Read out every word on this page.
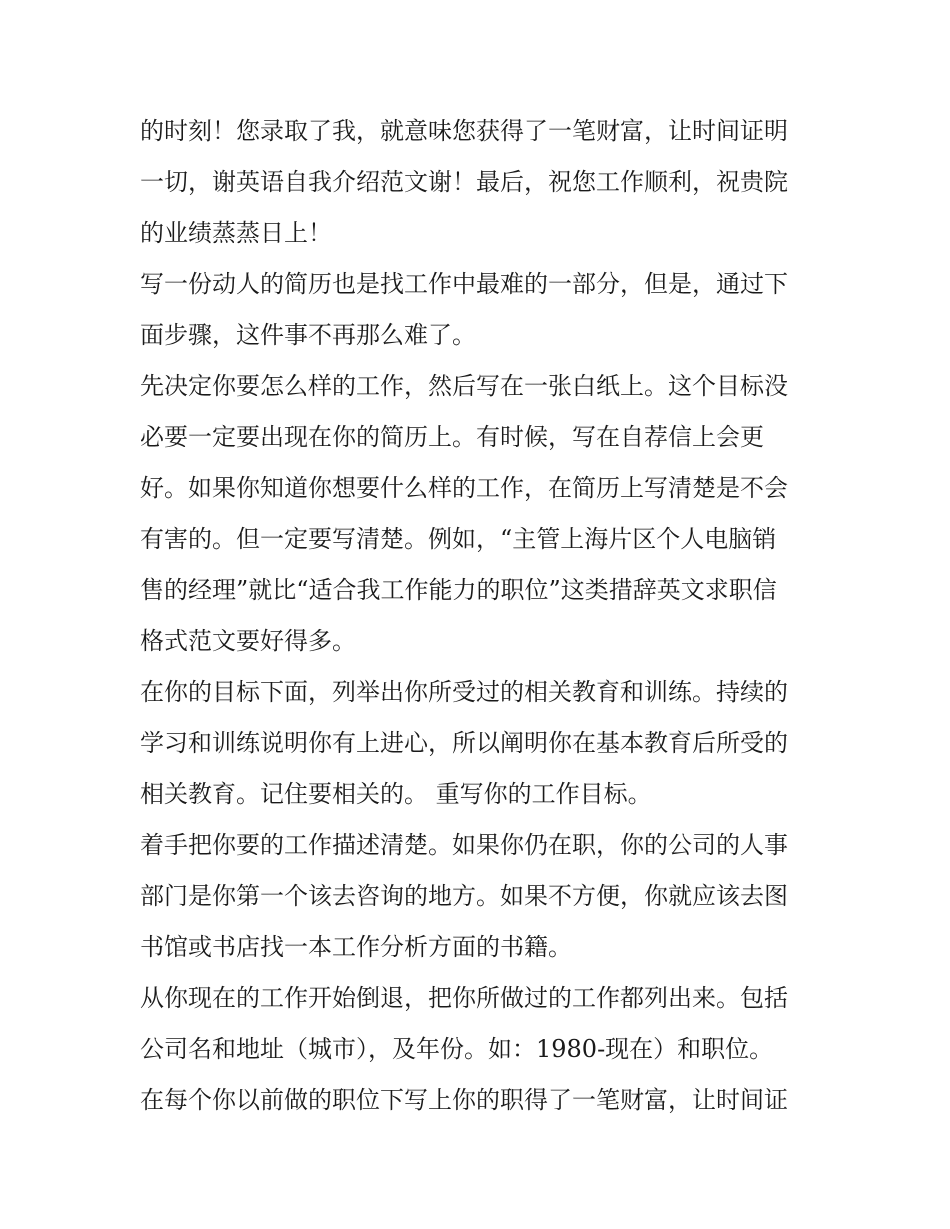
的时刻！您录取了我，就意味您获得了一笔财富，让时间证明
一切，谢英语自我介绍范文谢！最后，祝您工作顺利，祝贵院
的业绩蒸蒸日上！
写一份动人的简历也是找工作中最难的一部分，但是，通过下
面步骤，这件事不再那么难了。
先决定你要怎么样的工作，然后写在一张白纸上。这个目标没
必要一定要出现在你的简历上。有时候，写在自荐信上会更
好。如果你知道你想要什么样的工作，在简历上写清楚是不会
有害的。但一定要写清楚。例如，“主管上海片区个人电脑销
售的经理”就比“适合我工作能力的职位”这类措辞英文求职信
格式范文要好得多。
在你的目标下面，列举出你所受过的相关教育和训练。持续的
学习和训练说明你有上进心，所以阐明你在基本教育后所受的
相关教育。记住要相关的。 重写你的工作目标。
着手把你要的工作描述清楚。如果你仍在职，你的公司的人事
部门是你第一个该去咨询的地方。如果不方便，你就应该去图
书馆或书店找一本工作分析方面的书籍。
从你现在的工作开始倒退，把你所做过的工作都列出来。包括
公司名和地址（城市），及年份。如：1980-现在）和职位。
在每个你以前做的职位下写上你的职得了一笔财富，让时间证
